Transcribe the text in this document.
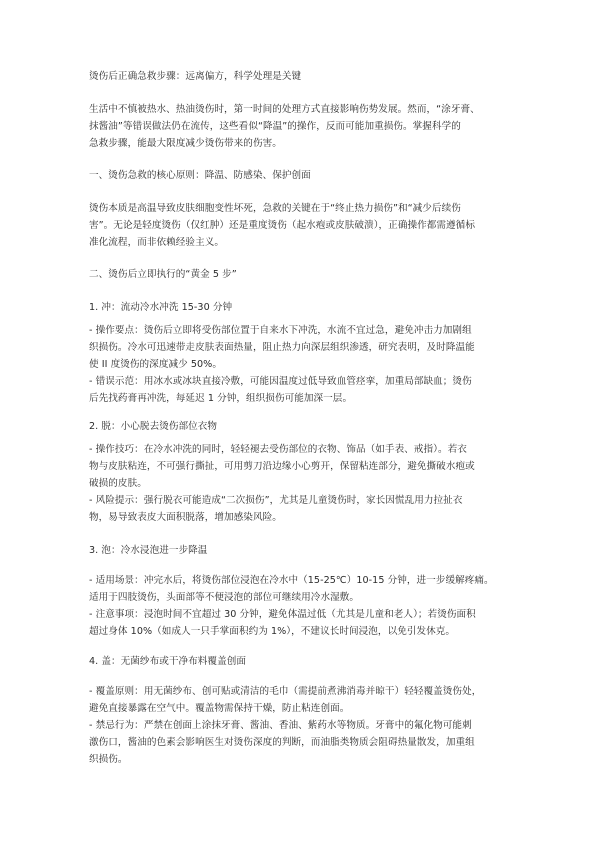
烫伤后正确急救步骤：远离偏方，科学处理是关键

生活中不慎被热水、热油烫伤时，第一时间的处理方式直接影响伤势发展。然而，“涂牙膏、

抹酱油”等错误做法仍在流传，这些看似“降温”的操作，反而可能加重损伤。掌握科学的

急救步骤，能最大限度减少烫伤带来的伤害。

一、烫伤急救的核心原则：降温、防感染、保护创面

烫伤本质是高温导致皮肤细胞变性坏死，急救的关键在于“终止热力损伤”和“减少后续伤

害”。无论是轻度烫伤（仅红肿）还是重度烫伤（起水疱或皮肤破溃），正确操作都需遵循标

准化流程，而非依赖经验主义。

二、烫伤后立即执行的“黄金 5 步”

1. 冲：流动冷水冲洗 15-30 分钟

- 操作要点：烫伤后立即将受伤部位置于自来水下冲洗，水流不宜过急，避免冲击力加剧组

织损伤。冷水可迅速带走皮肤表面热量，阻止热力向深层组织渗透，研究表明，及时降温能

使 II 度烫伤的深度减少 50%。

- 错误示范：用冰水或冰块直接冷敷，可能因温度过低导致血管痉挛，加重局部缺血；烫伤

后先找药膏再冲洗，每延迟 1 分钟，组织损伤可能加深一层。

2. 脱：小心脱去烫伤部位衣物

- 操作技巧：在冷水冲洗的同时，轻轻褪去受伤部位的衣物、饰品（如手表、戒指）。若衣

物与皮肤粘连，不可强行撕扯，可用剪刀沿边缘小心剪开，保留粘连部分，避免撕破水疱或

破损的皮肤。

- 风险提示：强行脱衣可能造成“二次损伤”，尤其是儿童烫伤时，家长因慌乱用力拉扯衣

物，易导致表皮大面积脱落，增加感染风险。

3. 泡：冷水浸泡进一步降温

- 适用场景：冲完水后，将烫伤部位浸泡在冷水中（15-25℃）10-15 分钟，进一步缓解疼痛。

适用于四肢烫伤，头面部等不便浸泡的部位可继续用冷水湿敷。

- 注意事项：浸泡时间不宜超过 30 分钟，避免体温过低（尤其是儿童和老人）；若烫伤面积

超过身体 10%（如成人一只手掌面积约为 1%），不建议长时间浸泡，以免引发休克。

4. 盖：无菌纱布或干净布料覆盖创面

- 覆盖原则：用无菌纱布、创可贴或清洁的毛巾（需提前煮沸消毒并晾干）轻轻覆盖烫伤处，

避免直接暴露在空气中。覆盖物需保持干燥，防止粘连创面。

- 禁忌行为：严禁在创面上涂抹牙膏、酱油、香油、紫药水等物质。牙膏中的氟化物可能刺

激伤口，酱油的色素会影响医生对烫伤深度的判断，而油脂类物质会阻碍热量散发，加重组

织损伤。
